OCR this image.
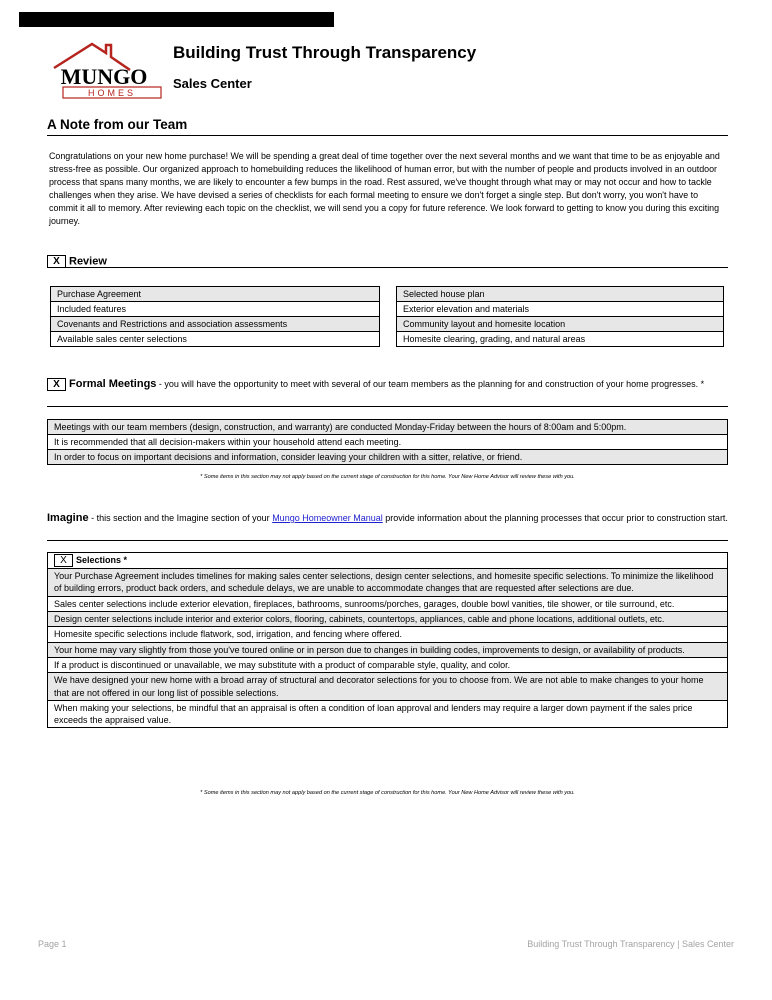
MUNGO
HOMES
Building Trust Through Transparency
Sales Center
A Note from our Team
Congratulations on your new home purchase! We will be spending a great deal of time together over the next several months and we want that time to be as enjoyable and stress-free as possible. Our organized approach to homebuilding reduces the likelihood of human error, but with the number of people and products involved in an outdoor process that spans many months, we are likely to encounter a few bumps in the road. Rest assured, we've thought through what may or may not occur and how to tackle challenges when they arise. We have devised a series of checklists for each formal meeting to ensure we don't forget a single step. But don't worry, you won't have to commit it all to memory. After reviewing each topic on the checklist, we will send you a copy for future reference. We look forward to getting to know you during this exciting journey.
X Review
Purchase Agreement
Included features
Covenants and Restrictions and association assessments
Available sales center selections
Selected house plan
Exterior elevation and materials
Community layout and homesite location
Homesite clearing, grading, and natural areas
X Formal Meetings - you will have the opportunity to meet with several of our team members as the planning for and construction of your home progresses. *
Meetings with our team members (design, construction, and warranty) are conducted Monday-Friday between the hours of 8:00am and 5:00pm.
It is recommended that all decision-makers within your household attend each meeting.
In order to focus on important decisions and information, consider leaving your children with a sitter, relative, or friend.
* Some items in this section may not apply based on the current stage of construction for this home. Your New Home Advisor will review these with you.
Imagine - this section and the Imagine section of your Mungo Homeowner Manual provide information about the planning processes that occur prior to construction start.
X Selections *
Your Purchase Agreement includes timelines for making sales center selections, design center selections, and homesite specific selections. To minimize the likelihood of building errors, product back orders, and schedule delays, we are unable to accommodate changes that are requested after selections are due.
Sales center selections include exterior elevation, fireplaces, bathrooms, sunrooms/porches, garages, double bowl vanities, tile shower, or tile surround, etc.
Design center selections include interior and exterior colors, flooring, cabinets, countertops, appliances, cable and phone locations, additional outlets, etc.
Homesite specific selections include flatwork, sod, irrigation, and fencing where offered.
Your home may vary slightly from those you've toured online or in person due to changes in building codes, improvements to design, or availability of products.
If a product is discontinued or unavailable, we may substitute with a product of comparable style, quality, and color.
We have designed your new home with a broad array of structural and decorator selections for you to choose from. We are not able to make changes to your home that are not offered in our long list of possible selections.
When making your selections, be mindful that an appraisal is often a condition of loan approval and lenders may require a larger down payment if the sales price exceeds the appraised value.
* Some items in this section may not apply based on the current stage of construction for this home. Your New Home Advisor will review these with you.
Page 1	Building Trust Through Transparency | Sales Center
